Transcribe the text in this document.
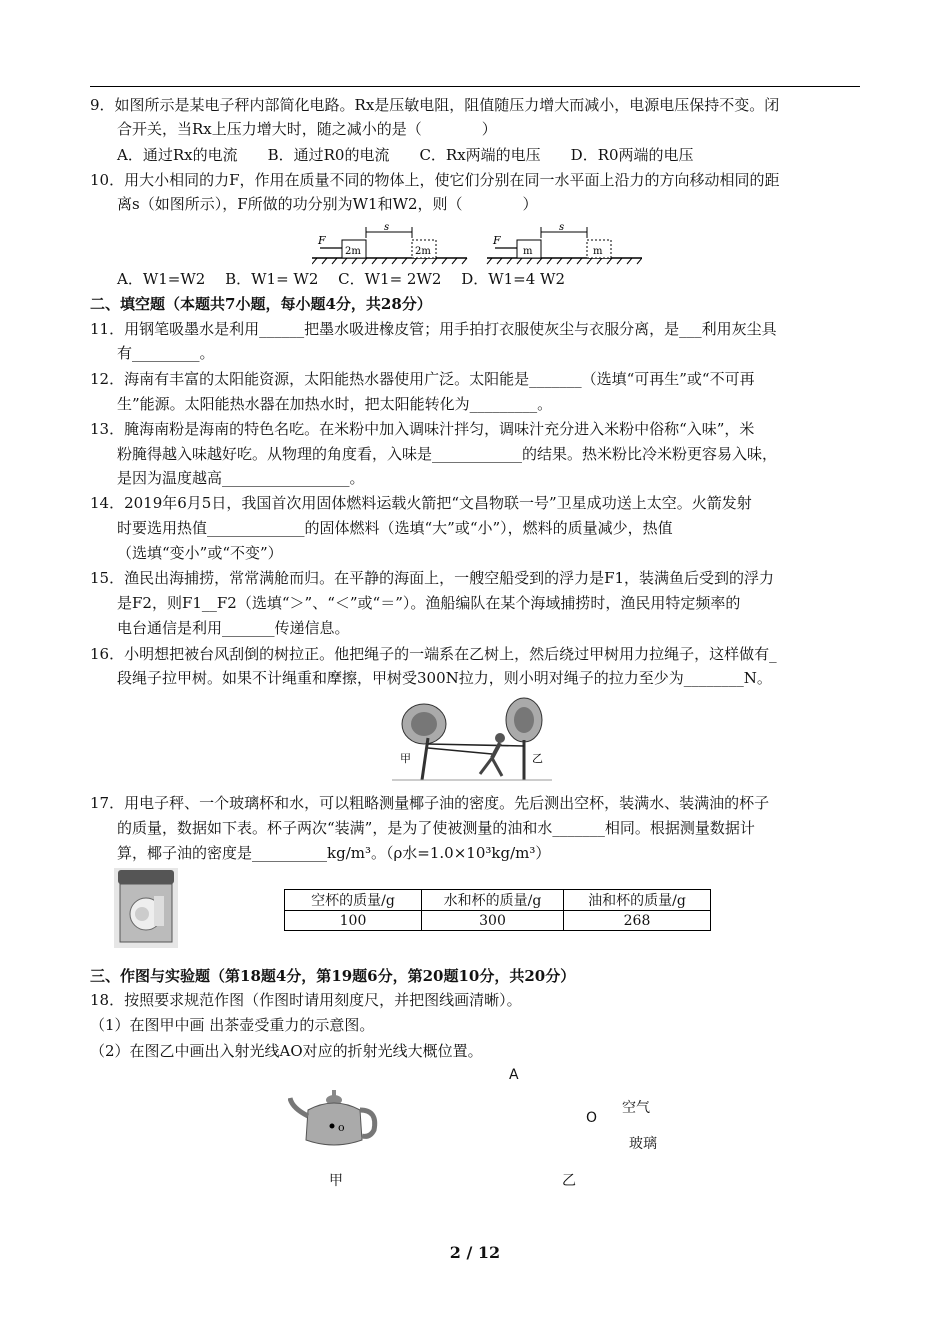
9．如图所示是某电子秤内部简化电路。Rx是压敏电阻，阻值随压力增大而减小，电源电压保持不变。闭
合开关，当Rx上压力增大时，随之减小的是（　　　　）
A．通过Rx的电流　　B．通过R0的电流　　C．Rx两端的电压　　D．R0两端的电压
10．用大小相同的力F，作用在质量不同的物体上，使它们分别在同一水平面上沿力的方向移动相同的距
离s（如图所示），F所做的功分别为W1和W2，则（　　　　）
F
2m	2m
s
F
m	m
s
A．W1=W2　 B．W1= W2　 C．W1= 2W2　 D．W1=4 W2
二、填空题（本题共7小题，每小题4分，共28分）
11．用钢笔吸墨水是利用______把墨水吸进橡皮管；用手拍打衣服使灰尘与衣服分离，是___利用灰尘具
有_________。
12．海南有丰富的太阳能资源，太阳能热水器使用广泛。太阳能是_______（选填“可再生”或“不可再
生”能源。太阳能热水器在加热水时，把太阳能转化为_________。
13．腌海南粉是海南的特色名吃。在米粉中加入调味汁拌匀，调味汁充分进入米粉中俗称“入味”，米
粉腌得越入味越好吃。从物理的角度看，入味是____________的结果。热米粉比冷米粉更容易入味，
是因为温度越高_________________。
14．2019年6月5日，我国首次用固体燃料运载火箭把“文昌物联一号”卫星成功送上太空。火箭发射
时要选用热值_____________的固体燃料（选填“大”或“小”），燃料的质量减少，热值
（选填“变小”或“不变”）
15．渔民出海捕捞，常常满舱而归。在平静的海面上，一艘空船受到的浮力是F1，装满鱼后受到的浮力
是F2，则F1__F2（选填“＞”、“＜”或“＝”）。渔船编队在某个海域捕捞时，渔民用特定频率的
电台通信是利用_______传递信息。
16．小明想把被台风刮倒的树拉正。他把绳子的一端系在乙树上，然后绕过甲树用力拉绳子，这样做有_
段绳子拉甲树。如果不计绳重和摩擦，甲树受300N拉力，则小明对绳子的拉力至少为________N。
甲	乙
17．用电子秤、一个玻璃杯和水，可以粗略测量椰子油的密度。先后测出空杯，装满水、装满油的杯子
的质量，数据如下表。杯子两次“装满”，是为了使被测量的油和水_______相同。根据测量数据计
算，椰子油的密度是__________kg/m³。（ρ水=1.0×10³kg/m³）
空杯的质量/g	水和杯的质量/g	油和杯的质量/g
100	300	268
三、作图与实验题（第18题4分，第19题6分，第20题10分，共20分）
18．按照要求规范作图（作图时请用刻度尺，并把图线画清晰）。
（1）在图甲中画 出茶壶受重力的示意图。
（2）在图乙中画出入射光线AO对应的折射光线大概位置。
o
A
O
空气
玻璃
甲	乙
2 / 12
